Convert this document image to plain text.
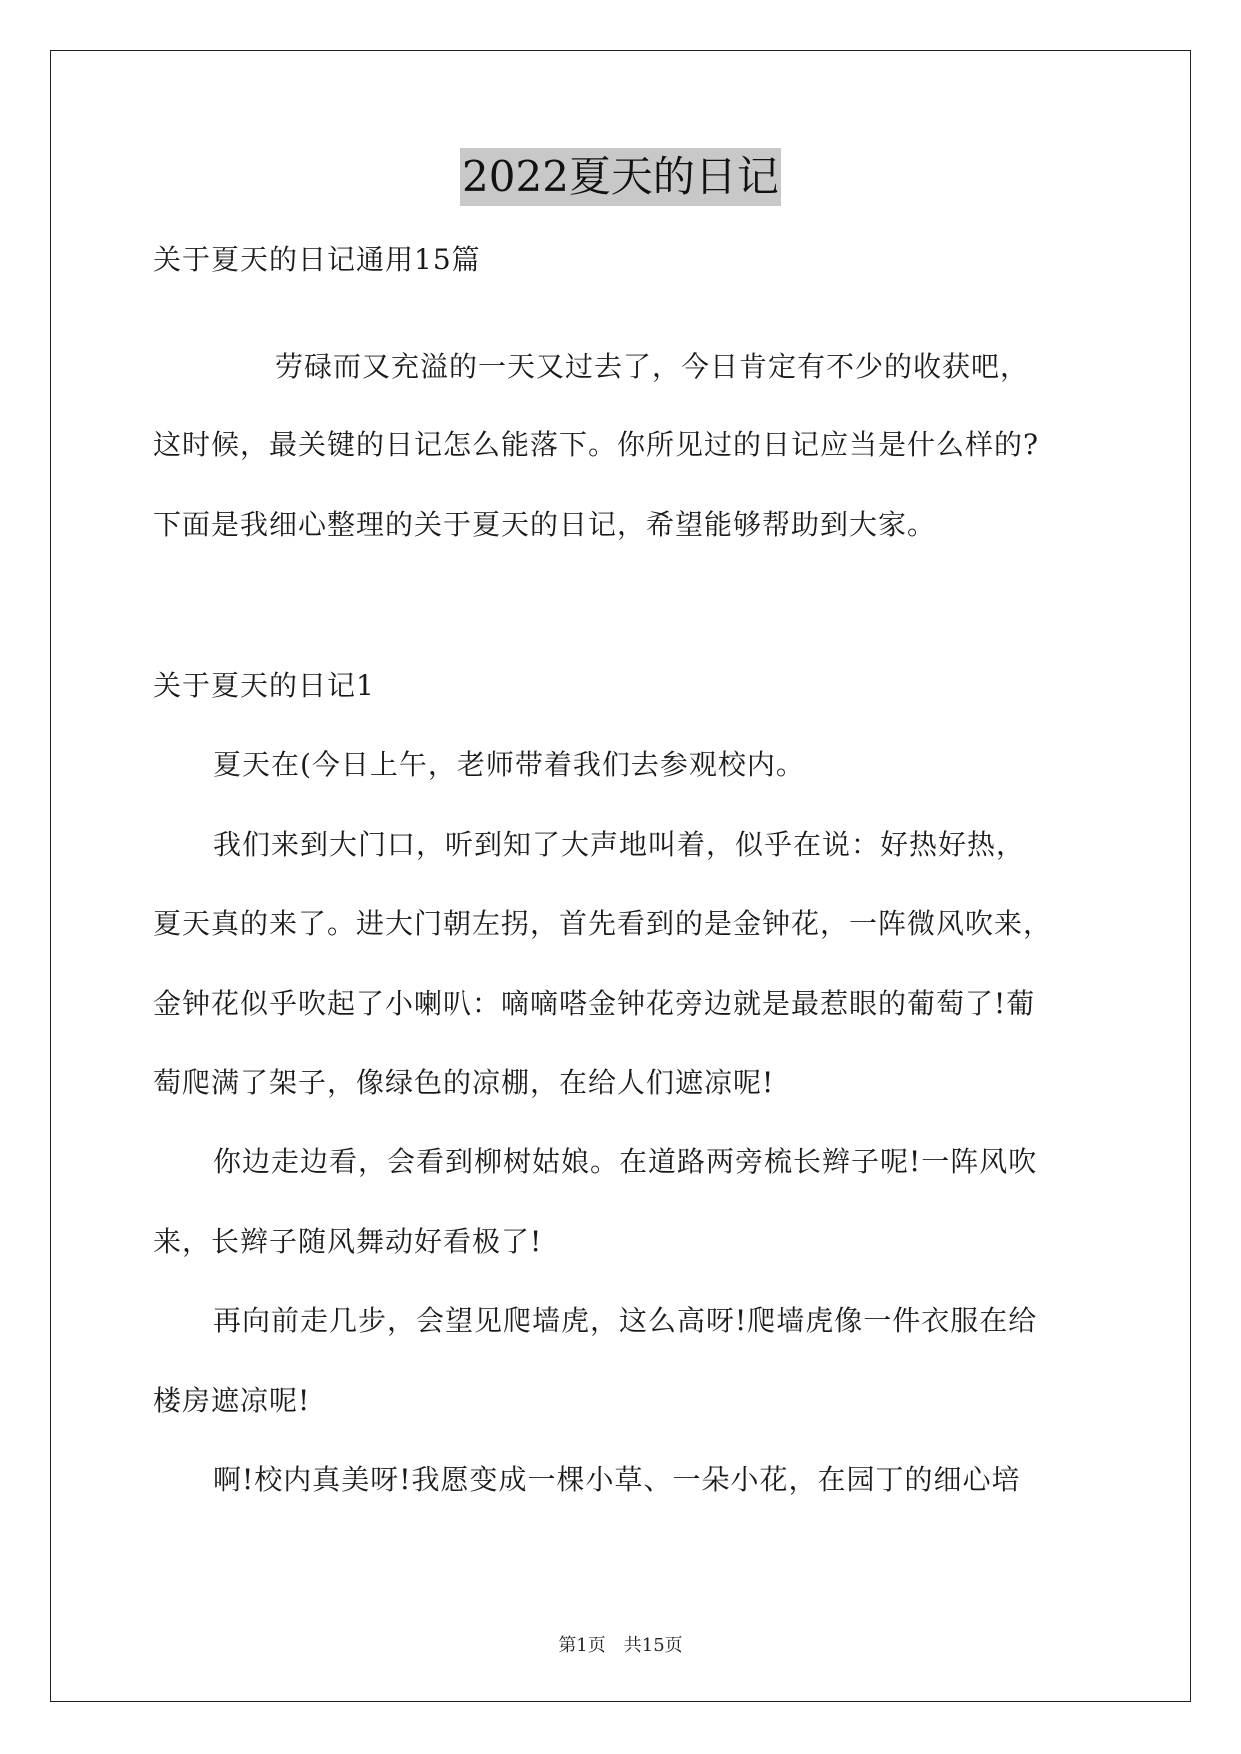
2022夏天的日记
关于夏天的日记通用15篇
劳碌而又充溢的一天又过去了，今日肯定有不少的收获吧，
这时候，最关键的日记怎么能落下。你所见过的日记应当是什么样的?
下面是我细心整理的关于夏天的日记，希望能够帮助到大家。
关于夏天的日记1
夏天在(今日上午，老师带着我们去参观校内。
我们来到大门口，听到知了大声地叫着，似乎在说：好热好热，
夏天真的来了。进大门朝左拐，首先看到的是金钟花，一阵微风吹来，
金钟花似乎吹起了小喇叭：嘀嘀嗒金钟花旁边就是最惹眼的葡萄了!葡
萄爬满了架子，像绿色的凉棚，在给人们遮凉呢!
你边走边看，会看到柳树姑娘。在道路两旁梳长辫子呢!一阵风吹
来，长辫子随风舞动好看极了!
再向前走几步，会望见爬墙虎，这么高呀!爬墙虎像一件衣服在给
楼房遮凉呢!
啊!校内真美呀!我愿变成一棵小草、一朵小花，在园丁的细心培
第1页　共15页
